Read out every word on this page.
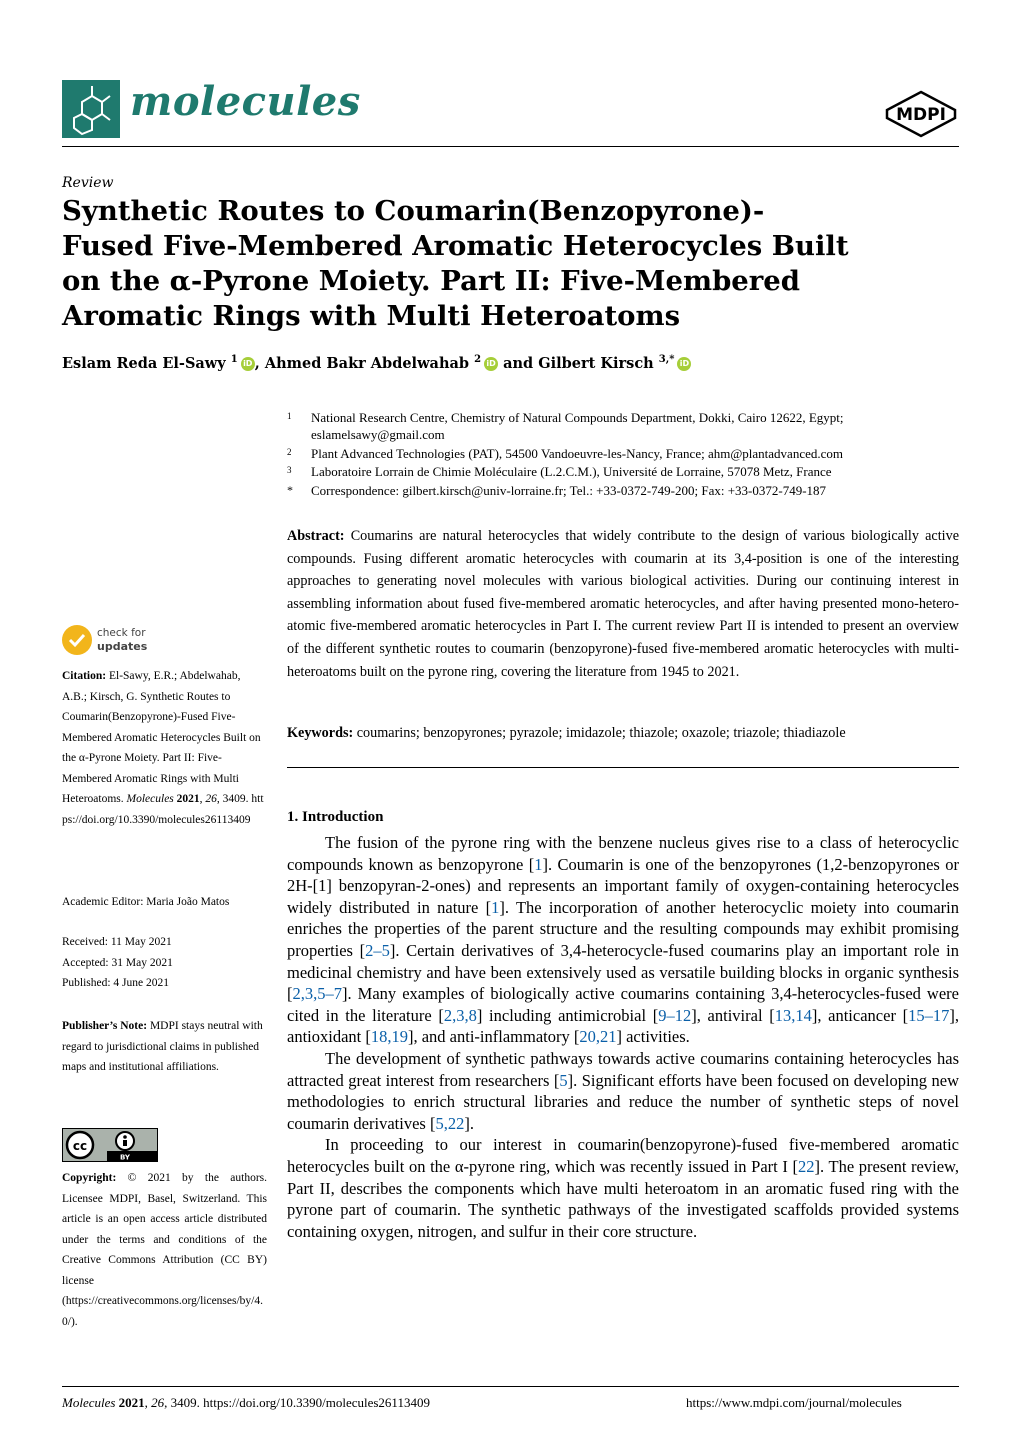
molecules	MDPI
Review
Synthetic Routes to Coumarin(Benzopyrone)-Fused Five-Membered Aromatic Heterocycles Built on the α-Pyrone Moiety. Part II: Five-Membered Aromatic Rings with Multi Heteroatoms
Eslam Reda El-Sawy $^1$ iD , Ahmed Bakr Abdelwahab $^2$ iD and Gilbert Kirsch $^{3,*}$ iD
1 National Research Centre, Chemistry of Natural Compounds Department, Dokki, Cairo 12622, Egypt; eslamelsawy@gmail.com
2 Plant Advanced Technologies (PAT), 54500 Vandoeuvre-les-Nancy, France; ahm@plantadvanced.com
3 Laboratoire Lorrain de Chimie Moléculaire (L.2.C.M.), Université de Lorraine, 57078 Metz, France
* Correspondence: gilbert.kirsch@univ-lorraine.fr; Tel.: +33-0372-749-200; Fax: +33-0372-749-187
check for
updates
Citation: El-Sawy, E.R.; Abdelwahab, A.B.; Kirsch, G. Synthetic Routes to Coumarin(Benzopyrone)-Fused Five-Membered Aromatic Heterocycles Built on the α-Pyrone Moiety. Part II: Five-Membered Aromatic Rings with Multi Heteroatoms. Molecules 2021, 26, 3409. https://doi.org/10.3390/molecules26113409
Academic Editor: Maria João Matos
Received: 11 May 2021
Accepted: 31 May 2021
Published: 4 June 2021
Publisher’s Note: MDPI stays neutral with regard to jurisdictional claims in published maps and institutional affiliations.
cc
BY
Copyright: © 2021 by the authors. Licensee MDPI, Basel, Switzerland. This article is an open access article distributed under the terms and conditions of the Creative Commons Attribution (CC BY) license (https://creativecommons.org/licenses/by/4.0/).
Abstract: Coumarins are natural heterocycles that widely contribute to the design of various biologically active compounds. Fusing different aromatic heterocycles with coumarin at its 3,4-position is one of the interesting approaches to generating novel molecules with various biological activities. During our continuing interest in assembling information about fused five-membered aromatic heterocycles, and after having presented mono-hetero-atomic five-membered aromatic heterocycles in Part I. The current review Part II is intended to present an overview of the different synthetic routes to coumarin (benzopyrone)-fused five-membered aromatic heterocycles with multi-heteroatoms built on the pyrone ring, covering the literature from 1945 to 2021.
Keywords: coumarins; benzopyrones; pyrazole; imidazole; thiazole; oxazole; triazole; thiadiazole
1. Introduction
The fusion of the pyrone ring with the benzene nucleus gives rise to a class of heterocyclic compounds known as benzopyrone [1]. Coumarin is one of the benzopyrones (1,2-benzopyrones or 2H-[1] benzopyran-2-ones) and represents an important family of oxygen-containing heterocycles widely distributed in nature [1]. The incorporation of another heterocyclic moiety into coumarin enriches the properties of the parent structure and the resulting compounds may exhibit promising properties [2–5]. Certain derivatives of 3,4-heterocycle-fused coumarins play an important role in medicinal chemistry and have been extensively used as versatile building blocks in organic synthesis [2,3,5–7]. Many examples of biologically active coumarins containing 3,4-heterocycles-fused were cited in the literature [2,3,8] including antimicrobial [9–12], antiviral [13,14], anticancer [15–17], antioxidant [18,19], and anti-inflammatory [20,21] activities.
The development of synthetic pathways towards active coumarins containing heterocycles has attracted great interest from researchers [5]. Significant efforts have been focused on developing new methodologies to enrich structural libraries and reduce the number of synthetic steps of novel coumarin derivatives [5,22].
In proceeding to our interest in coumarin(benzopyrone)-fused five-membered aromatic heterocycles built on the α-pyrone ring, which was recently issued in Part I [22]. The present review, Part II, describes the components which have multi heteroatom in an aromatic fused ring with the pyrone part of coumarin. The synthetic pathways of the investigated scaffolds provided systems containing oxygen, nitrogen, and sulfur in their core structure.
Molecules 2021, 26, 3409. https://doi.org/10.3390/molecules26113409	https://www.mdpi.com/journal/molecules
